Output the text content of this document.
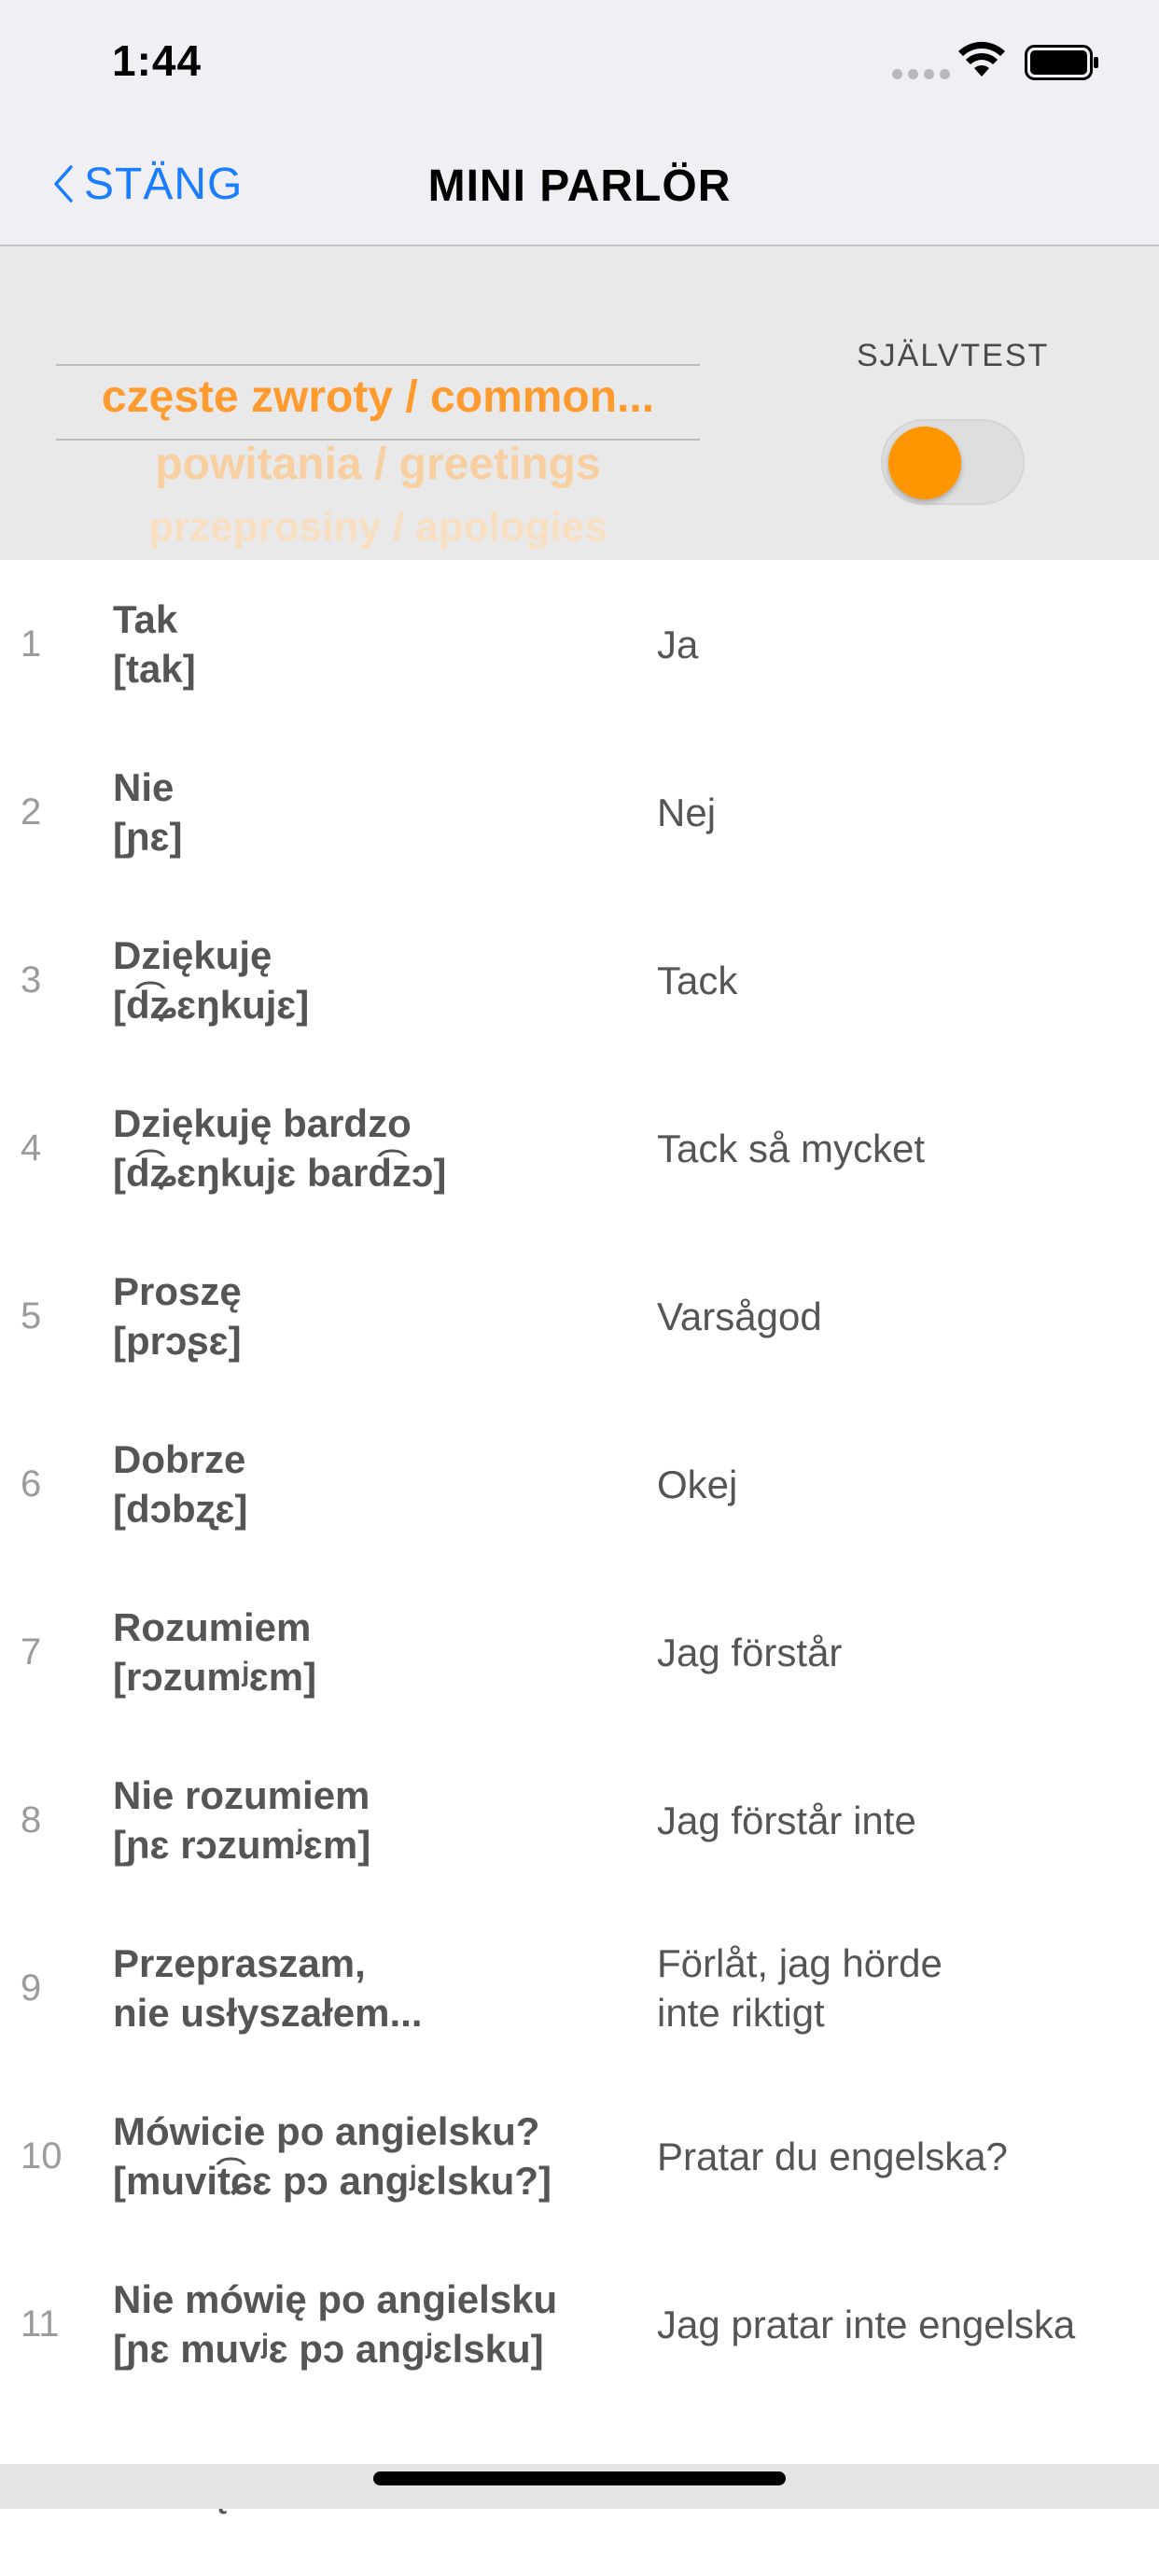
1:44
STÄNG	MINI PARLÖR
częste zwroty / common...
powitania / greetings
przeprosiny / apologies
SJÄLVTEST
1
Tak
[tak]
Ja
2
Nie
[ɲɛ]
Nej
3
Dziękuję
[d͡ʑɛŋkujɛ]
Tack
4
Dziękuję bardzo
[d͡ʑɛŋkujɛ bard͡zɔ]
Tack så mycket
5
Proszę
[prɔʂɛ]
Varsågod
6
Dobrze
[dɔbʐɛ]
Okej
7
Rozumiem
[rɔzumʲɛm]
Jag förstår
8
Nie rozumiem
[ɲɛ rɔzumʲɛm]
Jag förstår inte
9
Przepraszam,
nie usłyszałem...
Förlåt, jag hörde
inte riktigt
10
Mówicie po angielsku?
[muvit͡ɕɛ pɔ angʲɛlsku?]
Pratar du engelska?
11
Nie mówię po angielsku
[ɲɛ muvʲɛ pɔ angʲɛlsku]
Jag pratar inte engelska
